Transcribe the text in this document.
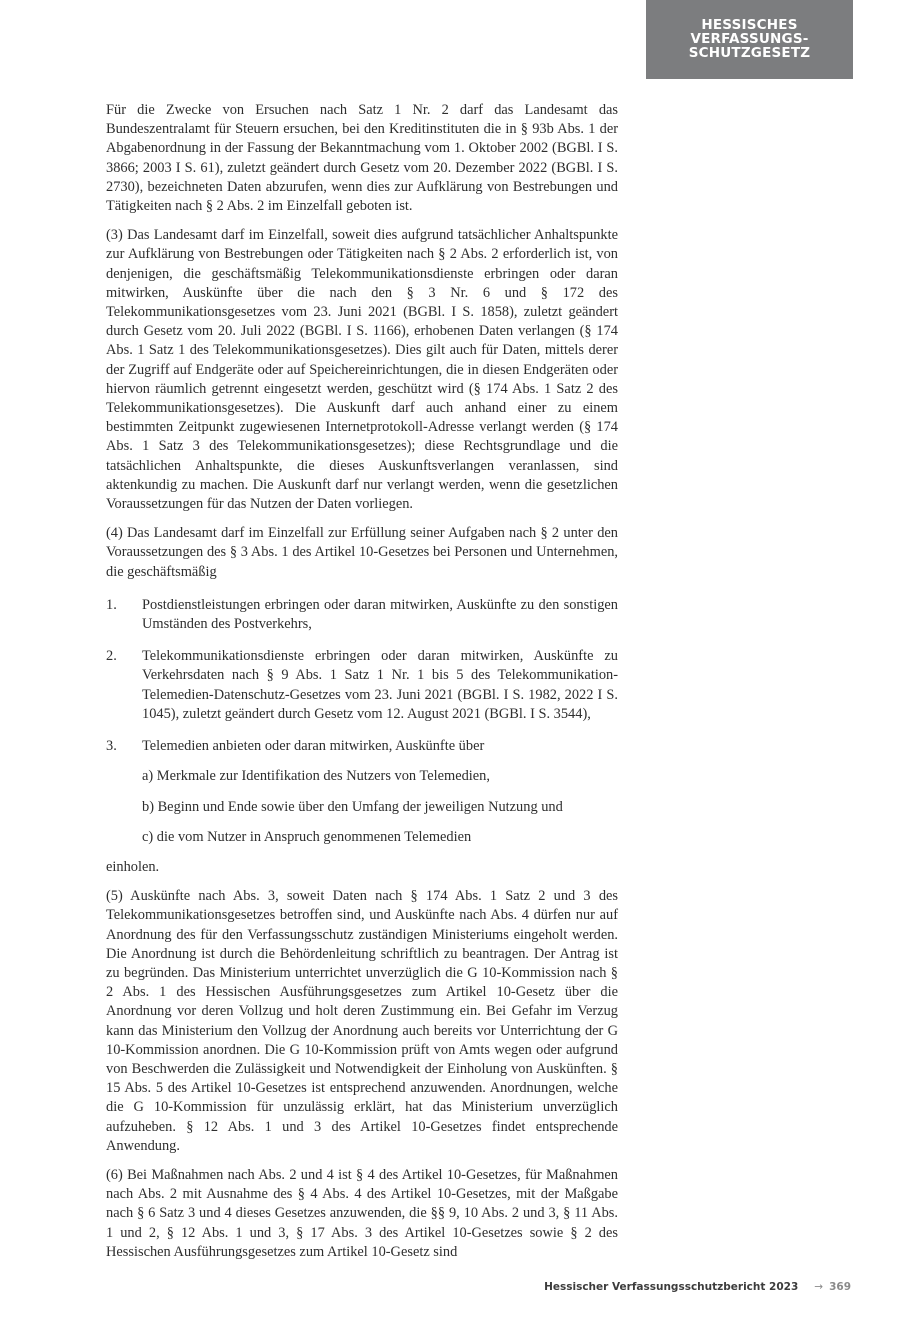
HESSISCHES
VERFASSUNGS-
SCHUTZGESETZ

Für die Zwecke von Ersuchen nach Satz 1 Nr. 2 darf das Landesamt das Bundeszentralamt für Steuern ersuchen, bei den Kreditinstituten die in § 93b Abs. 1 der Abgabenordnung in der Fassung der Bekanntmachung vom 1. Oktober 2002 (BGBl. I S. 3866; 2003 I S. 61), zuletzt geändert durch Gesetz vom 20. Dezember 2022 (BGBl. I S. 2730), bezeichneten Daten abzurufen, wenn dies zur Aufklärung von Bestrebungen und Tätigkeiten nach § 2 Abs. 2 im Einzelfall geboten ist.

(3) Das Landesamt darf im Einzelfall, soweit dies aufgrund tatsächlicher Anhaltspunkte zur Aufklärung von Bestrebungen oder Tätigkeiten nach § 2 Abs. 2 erforderlich ist, von denjenigen, die geschäftsmäßig Telekommunikationsdienste erbringen oder daran mitwirken, Auskünfte über die nach den § 3 Nr. 6 und § 172 des Telekommunikationsgesetzes vom 23. Juni 2021 (BGBl. I S. 1858), zuletzt geändert durch Gesetz vom 20. Juli 2022 (BGBl. I S. 1166), erhobenen Daten verlangen (§ 174 Abs. 1 Satz 1 des Telekommunikationsgesetzes). Dies gilt auch für Daten, mittels derer der Zugriff auf Endgeräte oder auf Speichereinrichtungen, die in diesen Endgeräten oder hiervon räumlich getrennt eingesetzt werden, geschützt wird (§ 174 Abs. 1 Satz 2 des Telekommunikationsgesetzes). Die Auskunft darf auch anhand einer zu einem bestimmten Zeitpunkt zugewiesenen Internetprotokoll-Adresse verlangt werden (§ 174 Abs. 1 Satz 3 des Telekommunikationsgesetzes); diese Rechtsgrundlage und die tatsächlichen Anhaltspunkte, die dieses Auskunftsverlangen veranlassen, sind aktenkundig zu machen. Die Auskunft darf nur verlangt werden, wenn die gesetzlichen Voraussetzungen für das Nutzen der Daten vorliegen.

(4) Das Landesamt darf im Einzelfall zur Erfüllung seiner Aufgaben nach § 2 unter den Voraussetzungen des § 3 Abs. 1 des Artikel 10-Gesetzes bei Personen und Unternehmen, die geschäftsmäßig

1.	Postdienstleistungen erbringen oder daran mitwirken, Auskünfte zu den sonstigen Umständen des Postverkehrs,
2.	Telekommunikationsdienste erbringen oder daran mitwirken, Auskünfte zu Verkehrsdaten nach § 9 Abs. 1 Satz 1 Nr. 1 bis 5 des Telekommunikation-Telemedien-Datenschutz-Gesetzes vom 23. Juni 2021 (BGBl. I S. 1982, 2022 I S. 1045), zuletzt geändert durch Gesetz vom 12. August 2021 (BGBl. I S. 3544),
3.	Telemedien anbieten oder daran mitwirken, Auskünfte über
a) Merkmale zur Identifikation des Nutzers von Telemedien,
b) Beginn und Ende sowie über den Umfang der jeweiligen Nutzung und
c) die vom Nutzer in Anspruch genommenen Telemedien

einholen.

(5) Auskünfte nach Abs. 3, soweit Daten nach § 174 Abs. 1 Satz 2 und 3 des Telekommunikationsgesetzes betroffen sind, und Auskünfte nach Abs. 4 dürfen nur auf Anordnung des für den Verfassungsschutz zuständigen Ministeriums eingeholt werden. Die Anordnung ist durch die Behördenleitung schriftlich zu beantragen. Der Antrag ist zu begründen. Das Ministerium unterrichtet unverzüglich die G 10-Kommission nach § 2 Abs. 1 des Hessischen Ausführungsgesetzes zum Artikel 10-Gesetz über die Anordnung vor deren Vollzug und holt deren Zustimmung ein. Bei Gefahr im Verzug kann das Ministerium den Vollzug der Anordnung auch bereits vor Unterrichtung der G 10-Kommission anordnen. Die G 10-Kommission prüft von Amts wegen oder aufgrund von Beschwerden die Zulässigkeit und Notwendigkeit der Einholung von Auskünften. § 15 Abs. 5 des Artikel 10-Gesetzes ist entsprechend anzuwenden. Anordnungen, welche die G 10-Kommission für unzulässig erklärt, hat das Ministerium unverzüglich aufzuheben. § 12 Abs. 1 und 3 des Artikel 10-Gesetzes findet entsprechende Anwendung.

(6) Bei Maßnahmen nach Abs. 2 und 4 ist § 4 des Artikel 10-Gesetzes, für Maßnahmen nach Abs. 2 mit Ausnahme des § 4 Abs. 4 des Artikel 10-Gesetzes, mit der Maßgabe nach § 6 Satz 3 und 4 dieses Gesetzes anzuwenden, die §§ 9, 10 Abs. 2 und 3, § 11 Abs. 1 und 2, § 12 Abs. 1 und 3, § 17 Abs. 3 des Artikel 10-Gesetzes sowie § 2 des Hessischen Ausführungsgesetzes zum Artikel 10-Gesetz sind

Hessischer Verfassungsschutzbericht 2023 → 369
